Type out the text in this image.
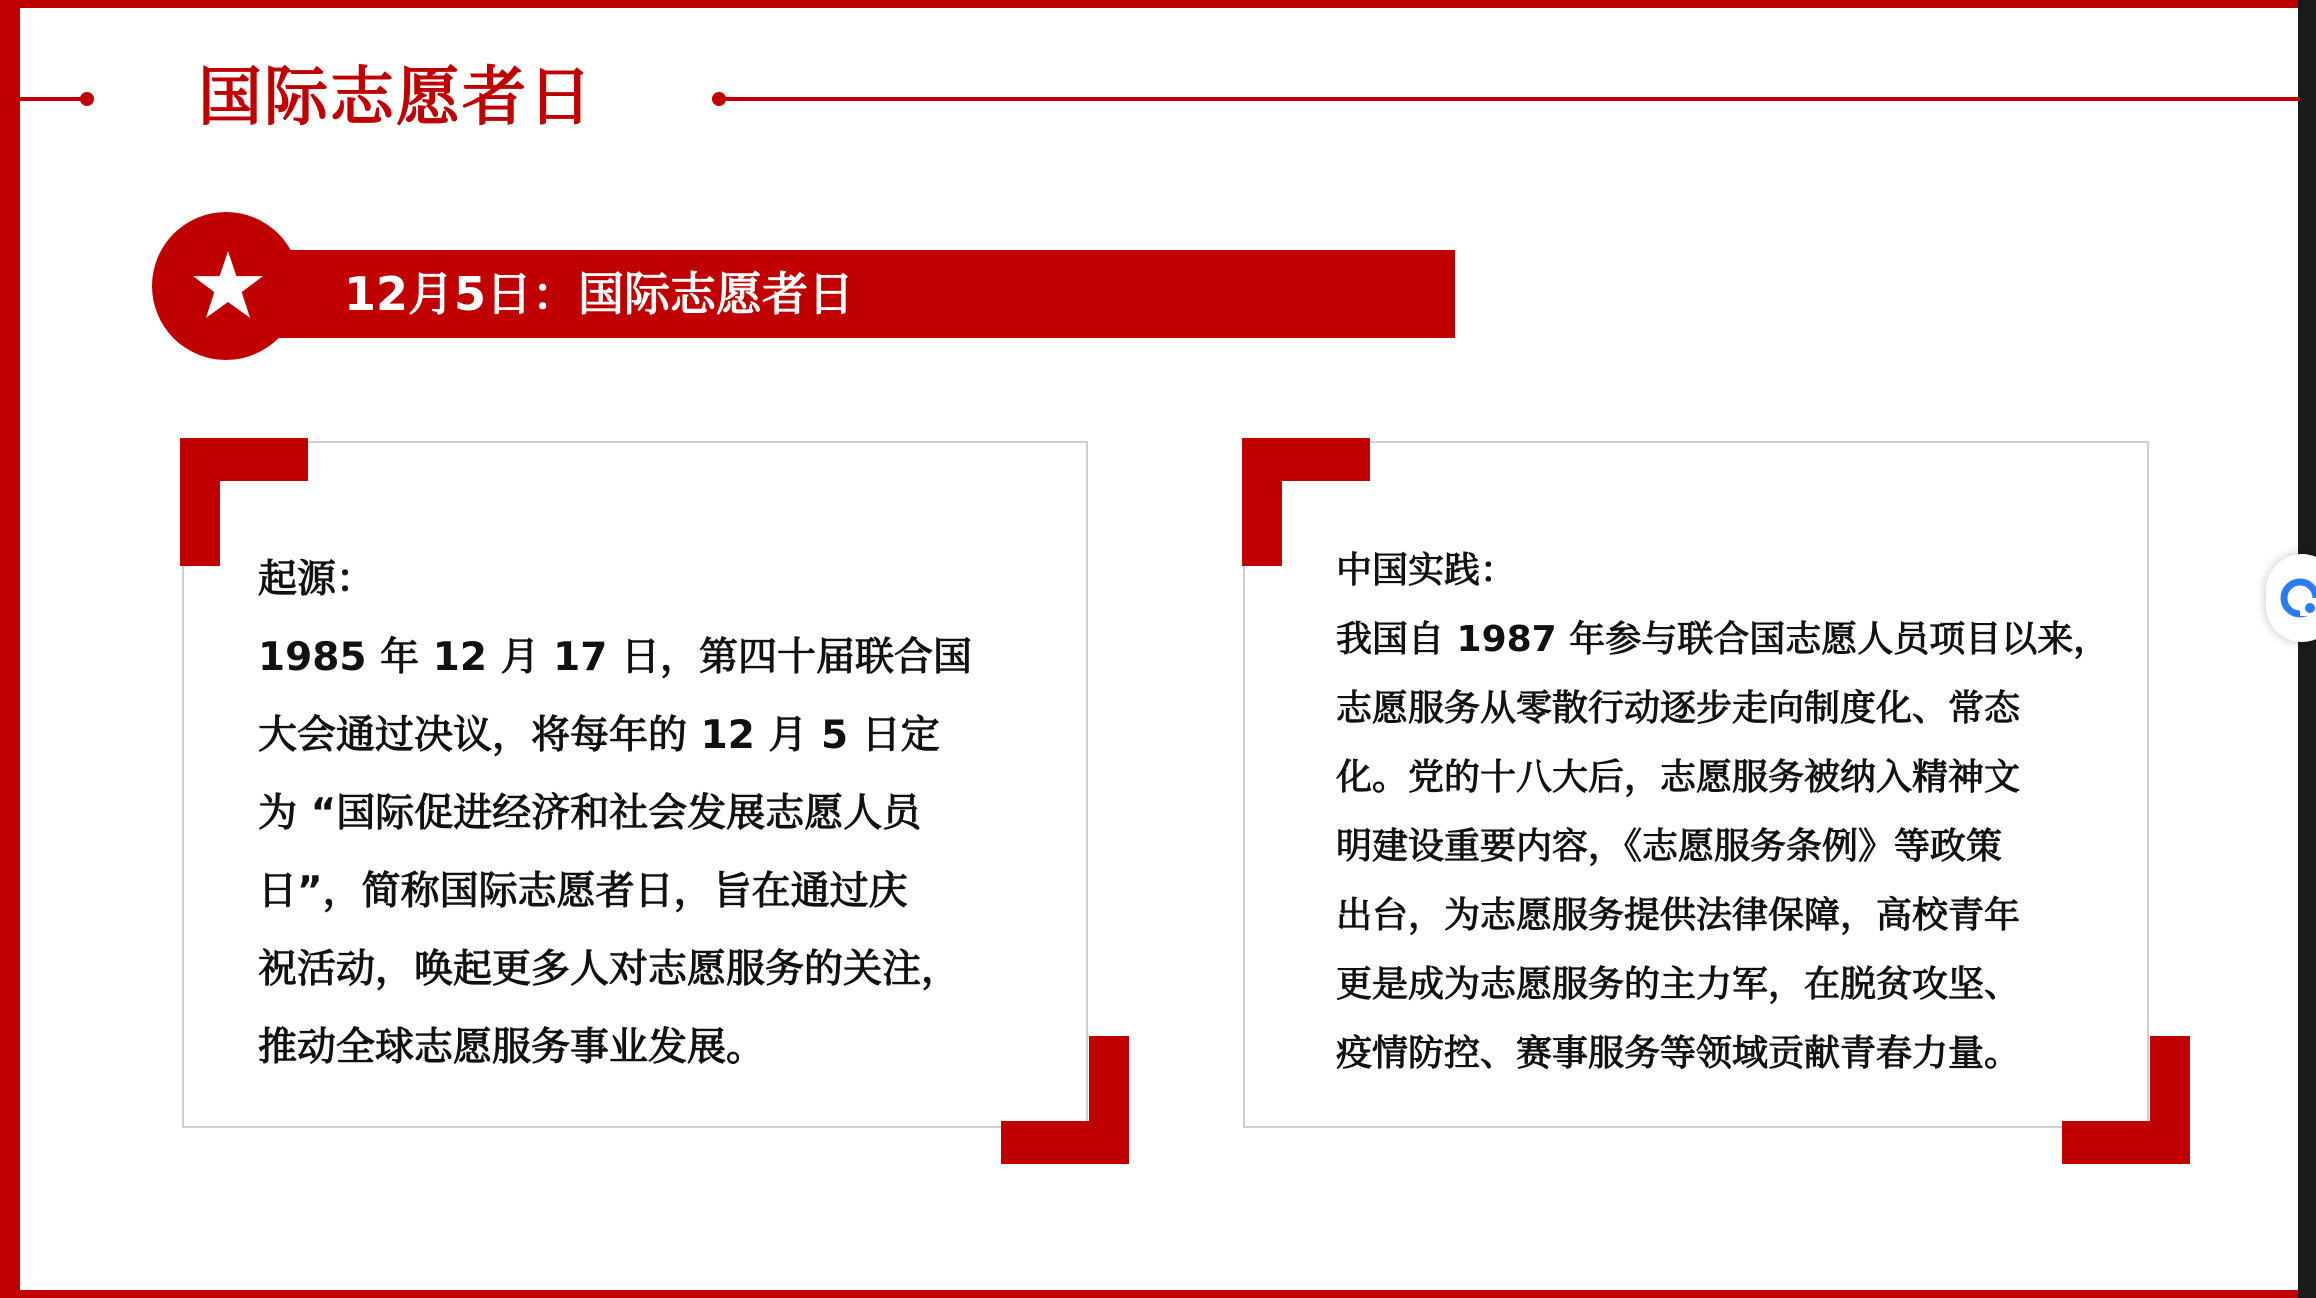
国际志愿者日
12月5日：国际志愿者日
起源：
1985 年 12 月 17 日，第四十届联合国
大会通过决议，将每年的 12 月 5 日定
为 “国际促进经济和社会发展志愿人员
日”，简称国际志愿者日，旨在通过庆
祝活动，唤起更多人对志愿服务的关注，
推动全球志愿服务事业发展。
中国实践：
我国自 1987 年参与联合国志愿人员项目以来，
志愿服务从零散行动逐步走向制度化、常态
化。党的十八大后，志愿服务被纳入精神文
明建设重要内容，《志愿服务条例》等政策
出台，为志愿服务提供法律保障，高校青年
更是成为志愿服务的主力军，在脱贫攻坚、
疫情防控、赛事服务等领域贡献青春力量。
